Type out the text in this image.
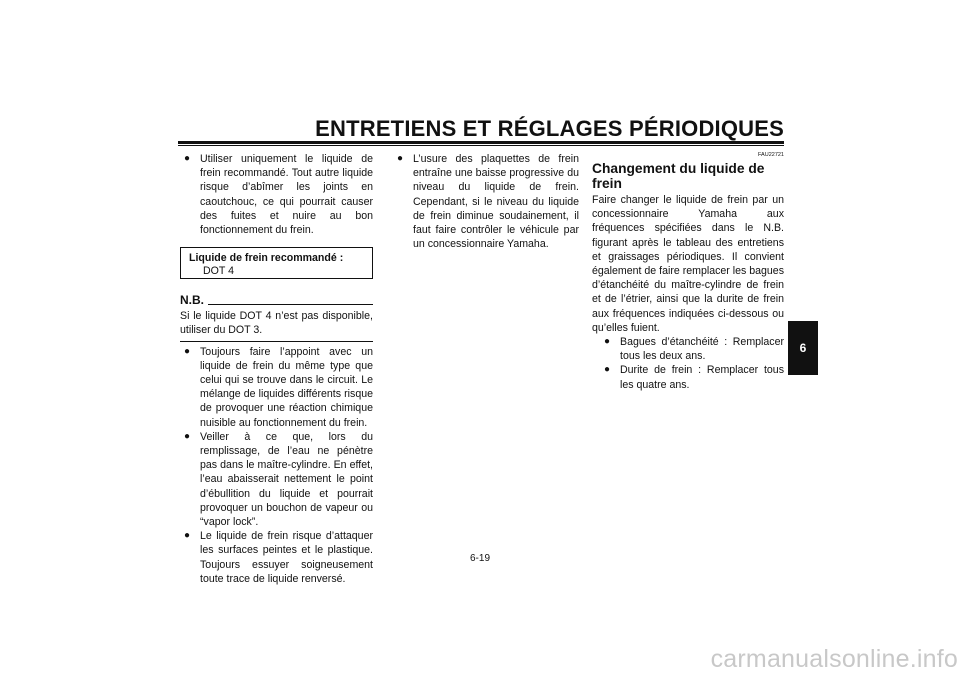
ENTRETIENS ET RÉGLAGES PÉRIODIQUES
● Utiliser uniquement le liquide de frein recommandé. Tout autre liquide risque d’abîmer les joints en caoutchouc, ce qui pourrait causer des fuites et nuire au bon fonctionnement du frein.
Liquide de frein recommandé :
DOT 4
N.B.
Si le liquide DOT 4 n’est pas disponible, utiliser du DOT 3.
● Toujours faire l’appoint avec un liquide de frein du même type que celui qui se trouve dans le circuit. Le mélange de liquides différents risque de provoquer une réaction chimique nuisible au fonctionnement du frein.
● Veiller à ce que, lors du remplissage, de l’eau ne pénètre pas dans le maître-cylindre. En effet, l’eau abaisserait nettement le point d’ébullition du liquide et pourrait provoquer un bouchon de vapeur ou “vapor lock”.
● Le liquide de frein risque d’attaquer les surfaces peintes et le plastique. Toujours essuyer soigneusement toute trace de liquide renversé.
● L’usure des plaquettes de frein entraîne une baisse progressive du niveau du liquide de frein. Cependant, si le niveau du liquide de frein diminue soudainement, il faut faire contrôler le véhicule par un concessionnaire Yamaha.
FAU22721
Changement du liquide de frein
Faire changer le liquide de frein par un concessionnaire Yamaha aux fréquences spécifiées dans le N.B. figurant après le tableau des entretiens et graissages périodiques. Il convient également de faire remplacer les bagues d’étanchéité du maître-cylindre de frein et de l’étrier, ainsi que la durite de frein aux fréquences indiquées ci-dessous ou qu’elles fuient.
● Bagues d’étanchéité : Remplacer tous les deux ans.
● Durite de frein : Remplacer tous les quatre ans.
6-19
6
carmanualsonline.info
